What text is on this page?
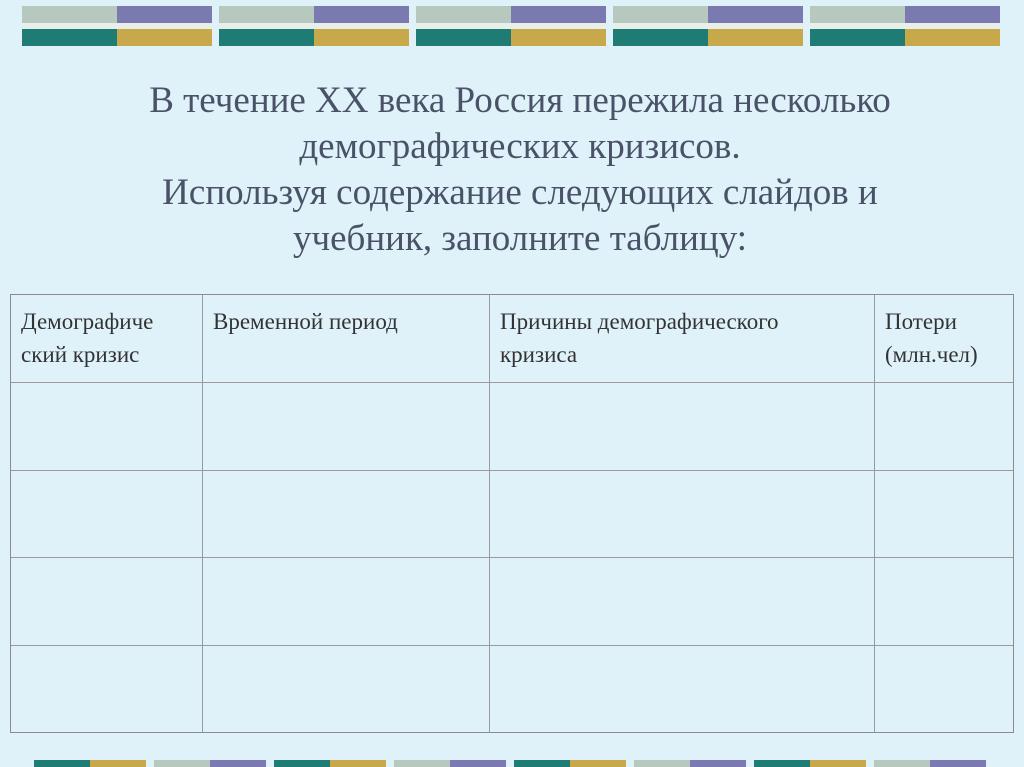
В течение XX века Россия пережила несколько
демографических кризисов.
Используя содержание следующих слайдов и
учебник, заполните таблицу:
Демографиче
ский кризис
Временной период	Причины демографического
кризиса
Потери
(млн.чел)
